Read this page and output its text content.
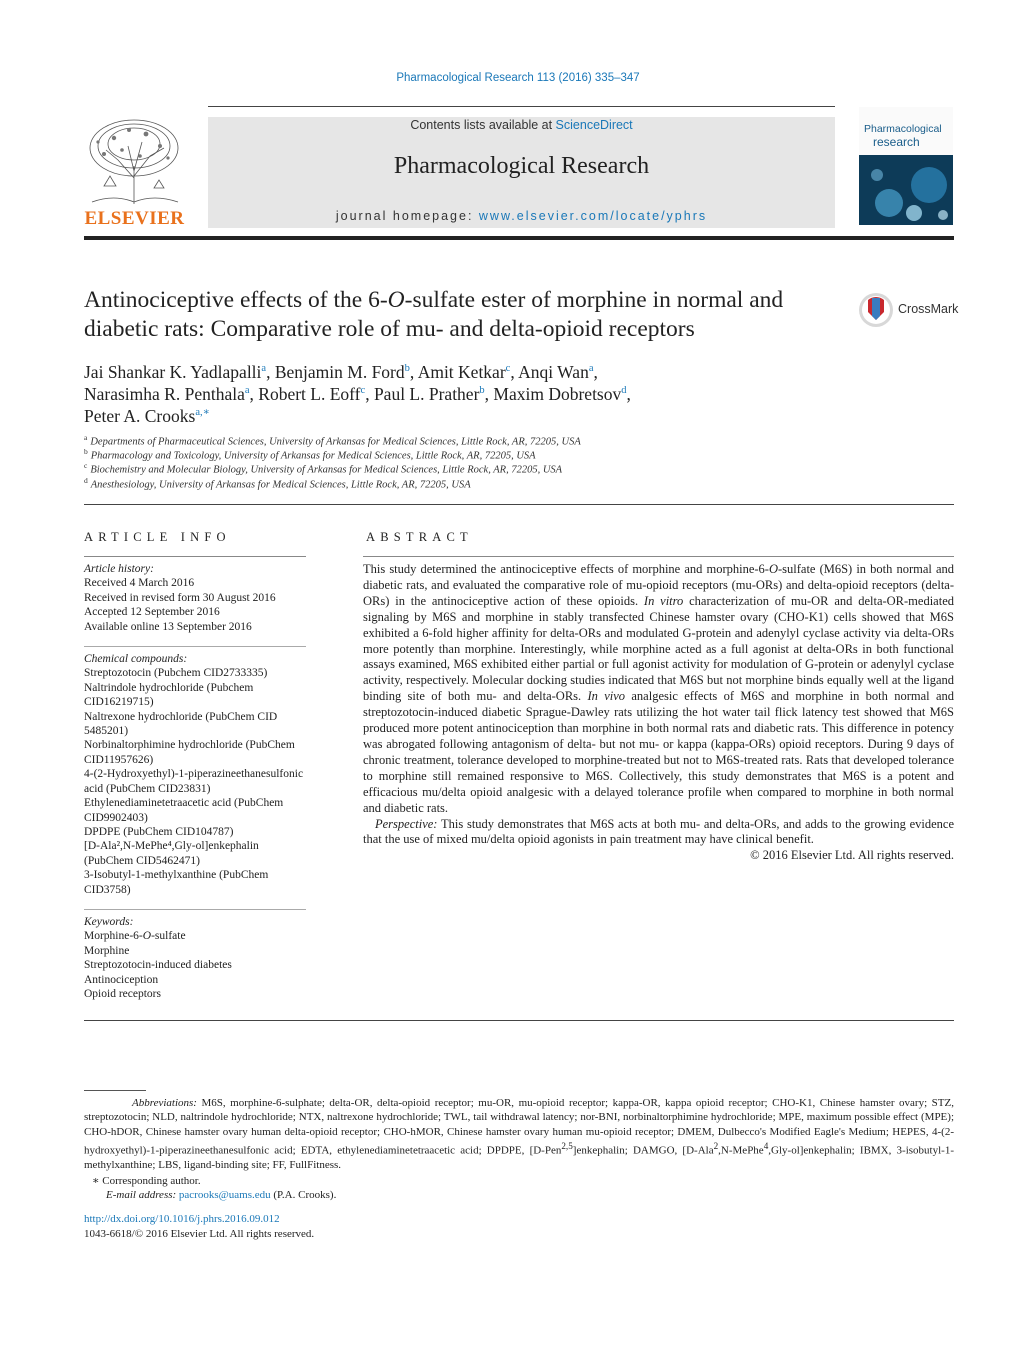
Pharmacological Research 113 (2016) 335–347
ELSEVIER
Contents lists available at ScienceDirect
Pharmacological Research
journal homepage: www.elsevier.com/locate/yphrs
Pharmacological
research
Antinociceptive effects of the 6-O-sulfate ester of morphine in normal and diabetic rats: Comparative role of mu- and delta-opioid receptors
CrossMark
Jai Shankar K. Yadlapalli$^a$, Benjamin M. Ford$^b$, Amit Ketkar$^c$, Anqi Wan$^a$,
Narasimha R. Penthala$^a$, Robert L. Eoff$^c$, Paul L. Prather$^b$, Maxim Dobretsov$^d$,
Peter A. Crooks$^{a,∗}$
$^a$ Departments of Pharmaceutical Sciences, University of Arkansas for Medical Sciences, Little Rock, AR, 72205, USA
$^b$ Pharmacology and Toxicology, University of Arkansas for Medical Sciences, Little Rock, AR, 72205, USA
$^c$ Biochemistry and Molecular Biology, University of Arkansas for Medical Sciences, Little Rock, AR, 72205, USA
$^d$ Anesthesiology, University of Arkansas for Medical Sciences, Little Rock, AR, 72205, USA
ARTICLE INFO	ABSTRACT
Article history:
Received 4 March 2016
Received in revised form 30 August 2016
Accepted 12 September 2016
Available online 13 September 2016
Chemical compounds:
Streptozotocin (Pubchem CID2733335)
Naltrindole hydrochloride (Pubchem CID16219715)
Naltrexone hydrochloride (PubChem CID 5485201)
Norbinaltorphimine hydrochloride (PubChem CID11957626)
4-(2-Hydroxyethyl)-1-piperazineethanesulfonic acid (PubChem CID23831)
Ethylenediaminetetraacetic acid (PubChem CID9902403)
DPDPE (PubChem CID104787)
[D-Ala²,N-MePhe⁴,Gly-ol]enkephalin (PubChem CID5462471)
3-Isobutyl-1-methylxanthine (PubChem CID3758)
Keywords:
Morphine-6-O-sulfate
Morphine
Streptozotocin-induced diabetes
Antinociception
Opioid receptors

This study determined the antinociceptive effects of morphine and morphine-6-O-sulfate (M6S) in both normal and diabetic rats, and evaluated the comparative role of mu-opioid receptors (mu-ORs) and delta-opioid receptors (delta-ORs) in the antinociceptive action of these opioids. In vitro characterization of mu-OR and delta-OR-mediated signaling by M6S and morphine in stably transfected Chinese hamster ovary (CHO-K1) cells showed that M6S exhibited a 6-fold higher affinity for delta-ORs and modulated G-protein and adenylyl cyclase activity via delta-ORs more potently than morphine. Interestingly, while morphine acted as a full agonist at delta-ORs in both functional assays examined, M6S exhibited either partial or full agonist activity for modulation of G-protein or adenylyl cyclase activity, respectively. Molecular docking studies indicated that M6S but not morphine binds equally well at the ligand binding site of both mu- and delta-ORs. In vivo analgesic effects of M6S and morphine in both normal and streptozotocin-induced diabetic Sprague-Dawley rats utilizing the hot water tail flick latency test showed that M6S produced more potent antinociception than morphine in both normal rats and diabetic rats. This difference in potency was abrogated following antagonism of delta- but not mu- or kappa (kappa-ORs) opioid receptors. During 9 days of chronic treatment, tolerance developed to morphine-treated but not to M6S-treated rats. Rats that developed tolerance to morphine still remained responsive to M6S. Collectively, this study demonstrates that M6S is a potent and efficacious mu/delta opioid analgesic with a delayed tolerance profile when compared to morphine in both normal and diabetic rats.

Perspective: This study demonstrates that M6S acts at both mu- and delta-ORs, and adds to the growing evidence that the use of mixed mu/delta opioid agonists in pain treatment may have clinical benefit.

© 2016 Elsevier Ltd. All rights reserved.

Abbreviations: M6S, morphine-6-sulphate; delta-OR, delta-opioid receptor; mu-OR, mu-opioid receptor; kappa-OR, kappa opioid receptor; CHO-K1, Chinese hamster ovary; STZ, streptozotocin; NLD, naltrindole hydrochloride; NTX, naltrexone hydrochloride; TWL, tail withdrawal latency; nor-BNI, norbinaltorphimine hydrochloride; MPE, maximum possible effect (MPE); CHO-hDOR, Chinese hamster ovary human delta-opioid receptor; CHO-hMOR, Chinese hamster ovary human mu-opioid receptor; DMEM, Dulbecco's Modified Eagle's Medium; HEPES, 4-(2-hydroxyethyl)-1-piperazineethanesulfonic acid; EDTA, ethylenediaminetetraacetic acid; DPDPE, [D-Pen$^{2,5}$]enkephalin; DAMGO, [D-Ala$^2$,N-MePhe$^4$,Gly-ol]enkephalin; IBMX, 3-isobutyl-1-methylxanthine; LBS, ligand-binding site; FF, FullFitness.

∗ Corresponding author.

E-mail address: pacrooks@uams.edu (P.A. Crooks).

http://dx.doi.org/10.1016/j.phrs.2016.09.012
1043-6618/© 2016 Elsevier Ltd. All rights reserved.
